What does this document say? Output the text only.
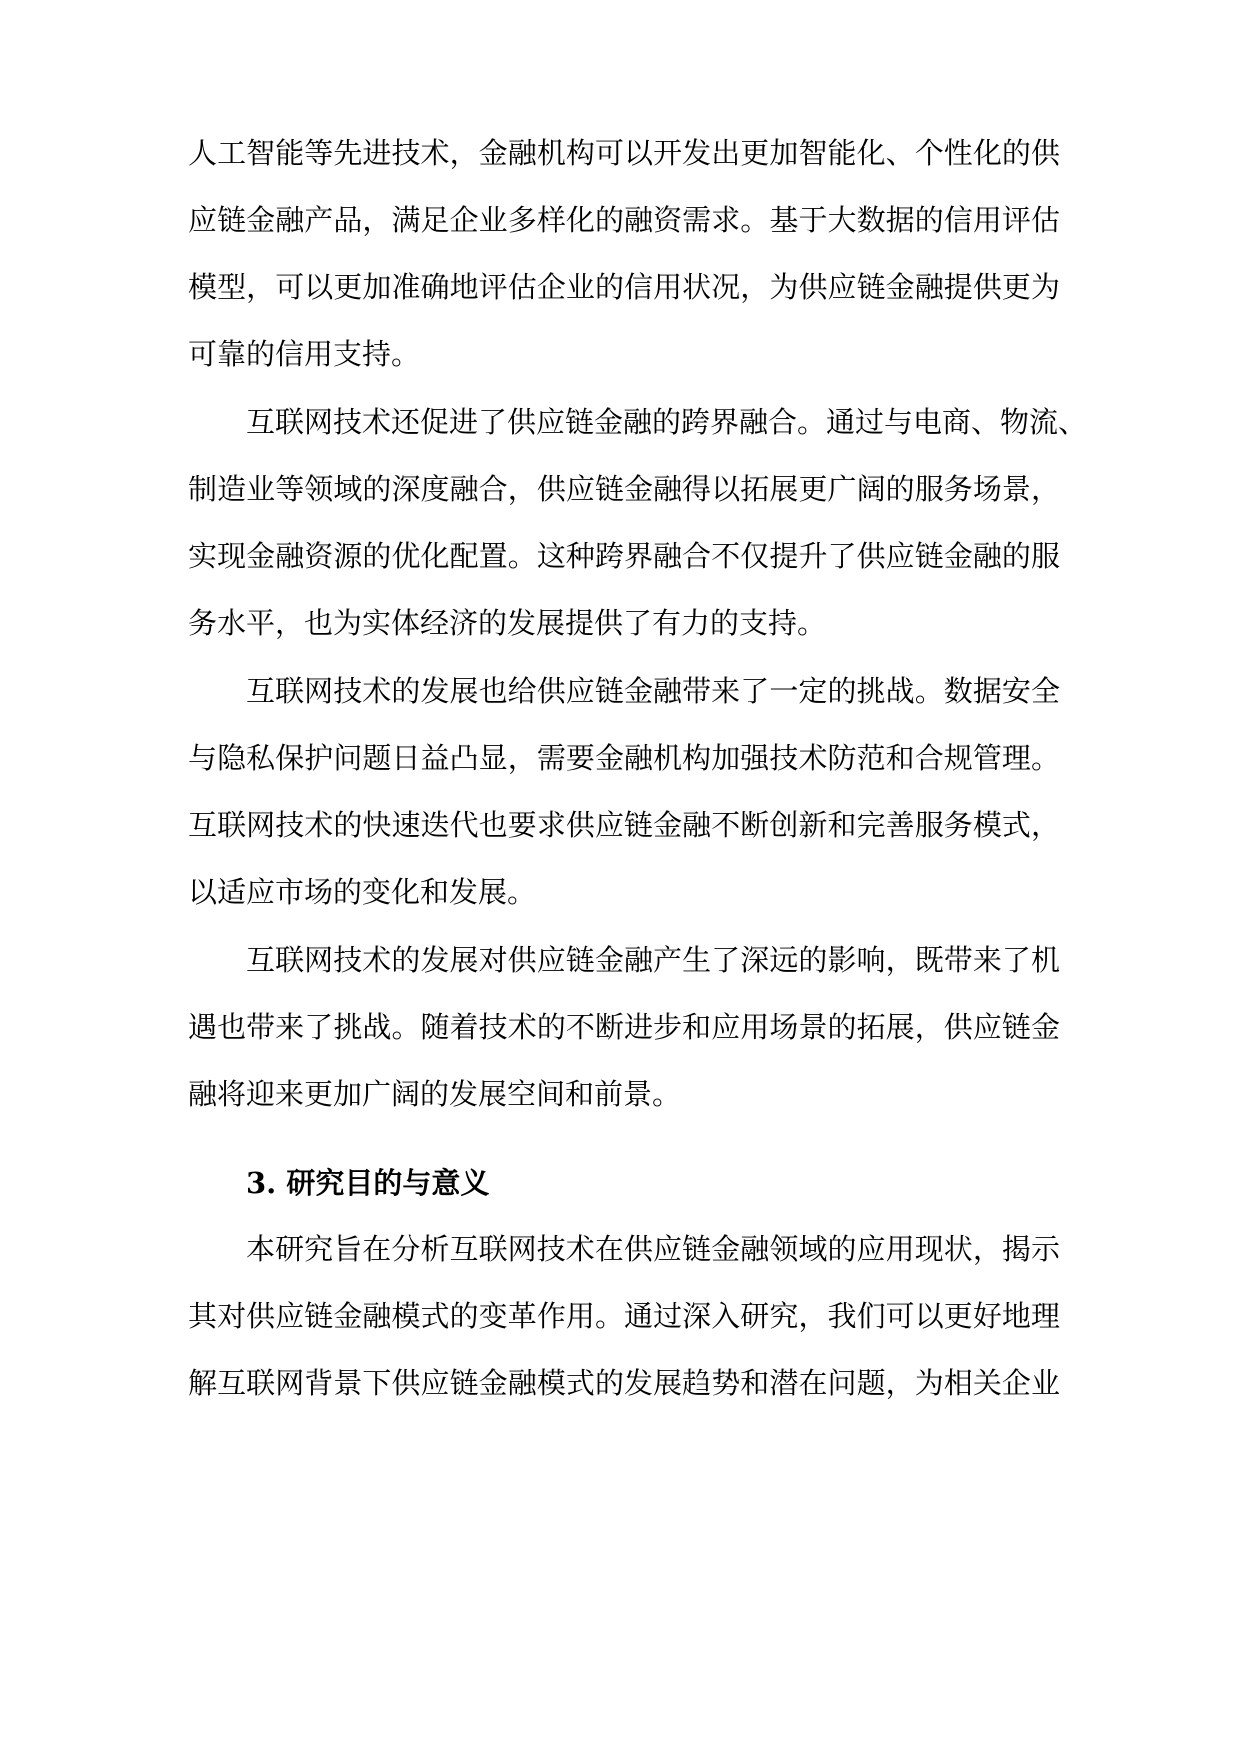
人工智能等先进技术，金融机构可以开发出更加智能化、个性化的供
应链金融产品，满足企业多样化的融资需求。基于大数据的信用评估
模型，可以更加准确地评估企业的信用状况，为供应链金融提供更为
可靠的信用支持。
互联网技术还促进了供应链金融的跨界融合。通过与电商、物流、
制造业等领域的深度融合，供应链金融得以拓展更广阔的服务场景，
实现金融资源的优化配置。这种跨界融合不仅提升了供应链金融的服
务水平，也为实体经济的发展提供了有力的支持。
互联网技术的发展也给供应链金融带来了一定的挑战。数据安全
与隐私保护问题日益凸显，需要金融机构加强技术防范和合规管理。
互联网技术的快速迭代也要求供应链金融不断创新和完善服务模式，
以适应市场的变化和发展。
互联网技术的发展对供应链金融产生了深远的影响，既带来了机
遇也带来了挑战。随着技术的不断进步和应用场景的拓展，供应链金
融将迎来更加广阔的发展空间和前景。
3. 研究目的与意义
本研究旨在分析互联网技术在供应链金融领域的应用现状，揭示
其对供应链金融模式的变革作用。通过深入研究，我们可以更好地理
解互联网背景下供应链金融模式的发展趋势和潜在问题，为相关企业
